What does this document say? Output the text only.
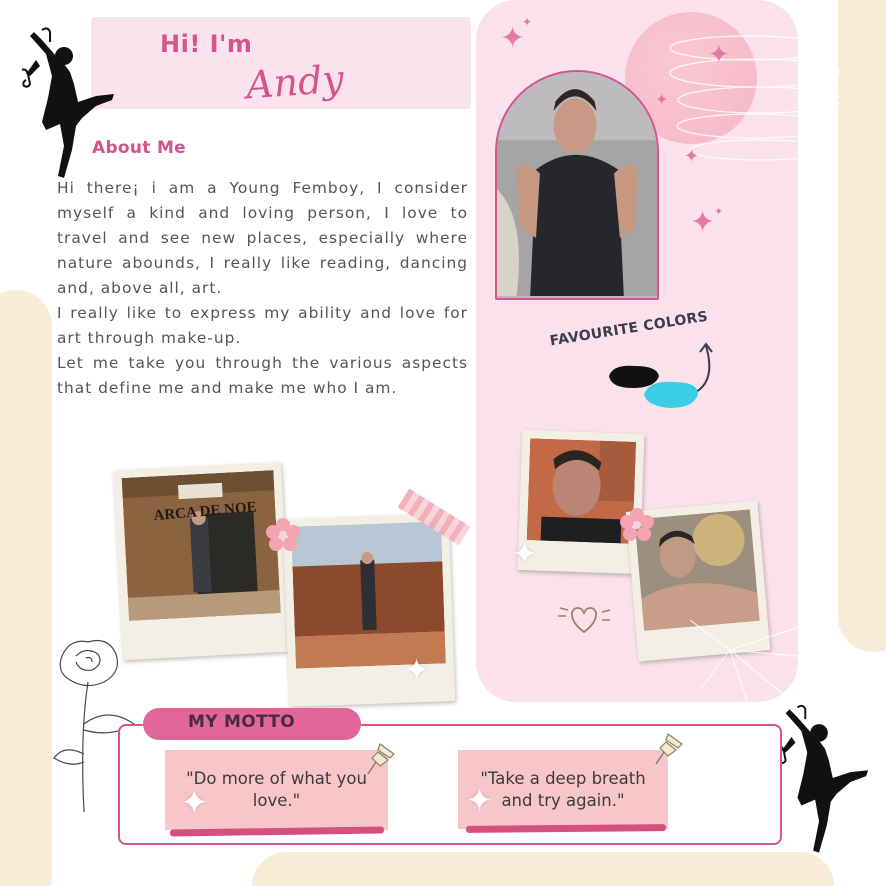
Hi! I'm
Andy
About Me

Hi there¡ i am a Young Femboy, I consider myself a kind and loving person, I love to travel and see new places, especially where nature abounds, I really like reading, dancing and, above all, art.

I really like to express my ability and love for art through make-up.

Let me take you through the various aspects that define me and make me who I am.

✦
✦
✦
✦
✦
✦
✦
FAVOURITE COLORS
ARCA DE NOE
✦
✦
MY MOTTO
"Do more of what you love."
"Take a deep breath and try again."
✦	✦
